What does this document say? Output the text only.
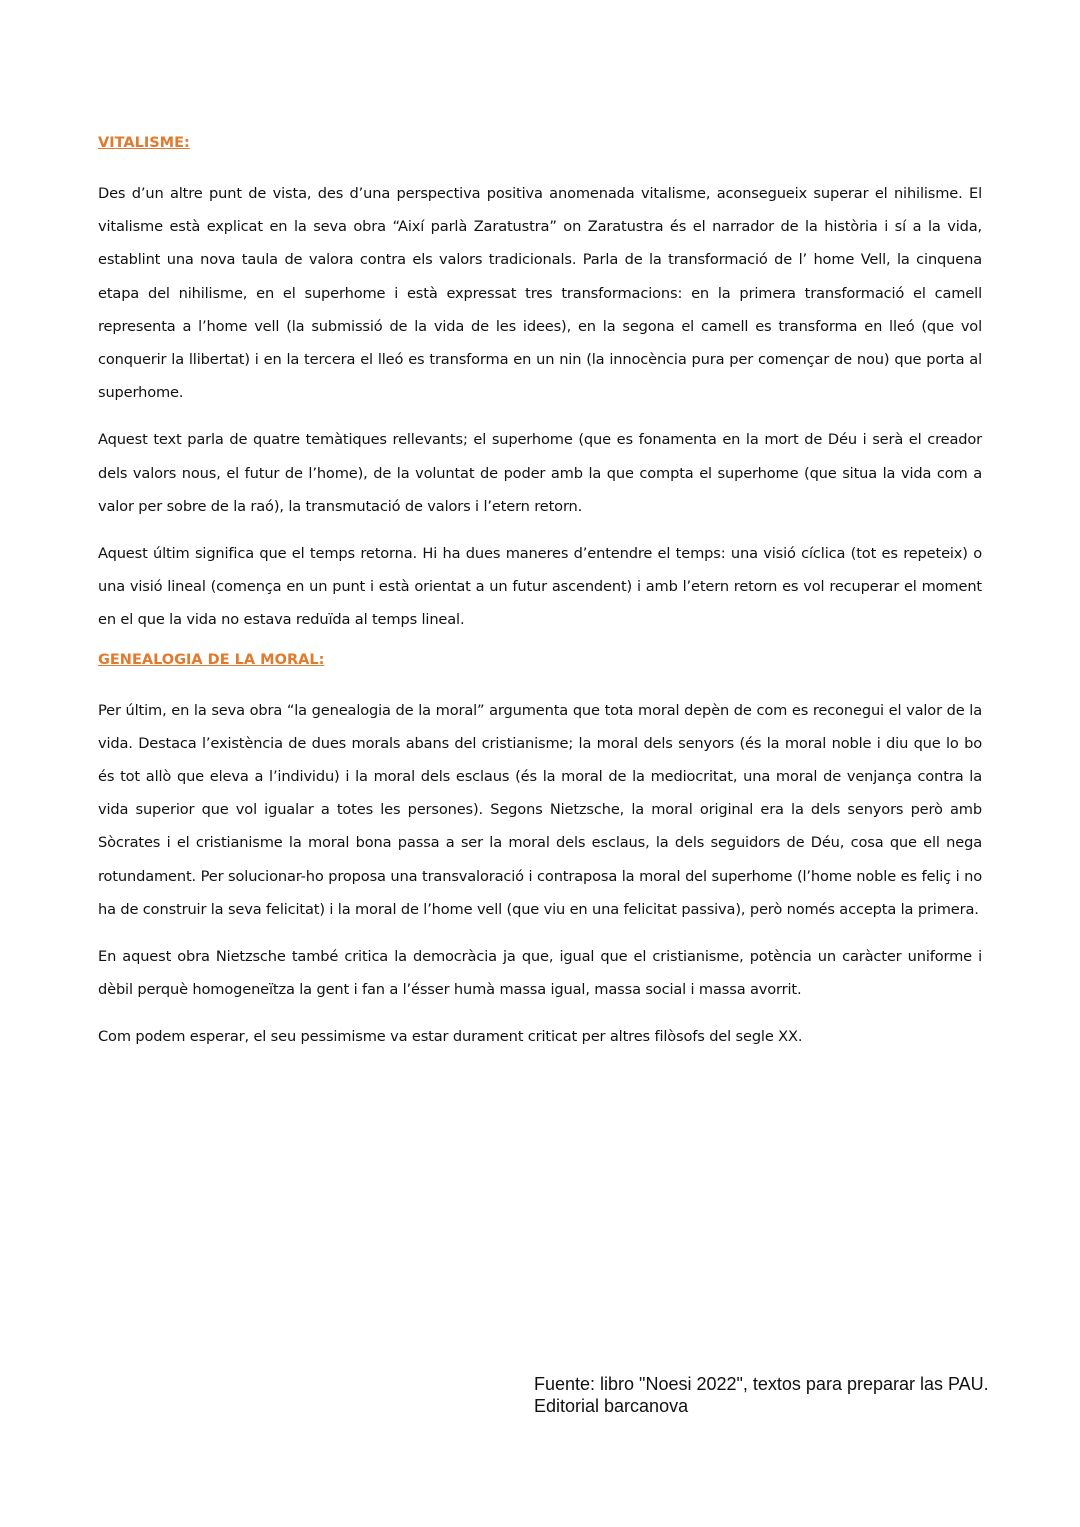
VITALISME:

Des d’un altre punt de vista, des d’una perspectiva positiva anomenada vitalisme, aconsegueix superar el nihilisme. El vitalisme està explicat en la seva obra “Així parlà Zaratustra” on Zaratustra és el narrador de la història i sí a la vida, establint una nova taula de valora contra els valors tradicionals. Parla de la transformació de l’ home Vell, la cinquena etapa del nihilisme, en el superhome i està expressat tres transformacions: en la primera transformació el camell representa a l’home vell (la submissió de la vida de les idees), en la segona el camell es transforma en lleó (que vol conquerir la llibertat) i en la tercera el lleó es transforma en un nin (la innocència pura per començar de nou) que porta al superhome.

Aquest text parla de quatre temàtiques rellevants; el superhome (que es fonamenta en la mort de Déu i serà el creador dels valors nous, el futur de l’home), de la voluntat de poder amb la que compta el superhome (que situa la vida com a valor per sobre de la raó), la transmutació de valors i l’etern retorn.

Aquest últim significa que el temps retorna. Hi ha dues maneres d’entendre el temps: una visió cíclica (tot es repeteix) o una visió lineal (comença en un punt i està orientat a un futur ascendent) i amb l’etern retorn es vol recuperar el moment en el que la vida no estava reduïda al temps lineal.

GENEALOGIA DE LA MORAL:

Per últim, en la seva obra “la genealogia de la moral” argumenta que tota moral depèn de com es reconegui el valor de la vida. Destaca l’existència de dues morals abans del cristianisme; la moral dels senyors (és la moral noble i diu que lo bo és tot allò que eleva a l’individu) i la moral dels esclaus (és la moral de la mediocritat, una moral de venjança contra la vida superior que vol igualar a totes les persones). Segons Nietzsche, la moral original era la dels senyors però amb Sòcrates i el cristianisme la moral bona passa a ser la moral dels esclaus, la dels seguidors de Déu, cosa que ell nega rotundament. Per solucionar-ho proposa una transvaloració i contraposa la moral del superhome (l’home noble es feliç i no ha de construir la seva felicitat) i la moral de l’home vell (que viu en una felicitat passiva), però només accepta la primera.

En aquest obra Nietzsche també critica la democràcia ja que, igual que el cristianisme, potència un caràcter uniforme i dèbil perquè homogeneïtza la gent i fan a l’ésser humà massa igual, massa social i massa avorrit.

Com podem esperar, el seu pessimisme va estar durament criticat per altres filòsofs del segle XX.

Fuente: libro "Noesi 2022", textos para preparar las PAU.
Editorial barcanova
